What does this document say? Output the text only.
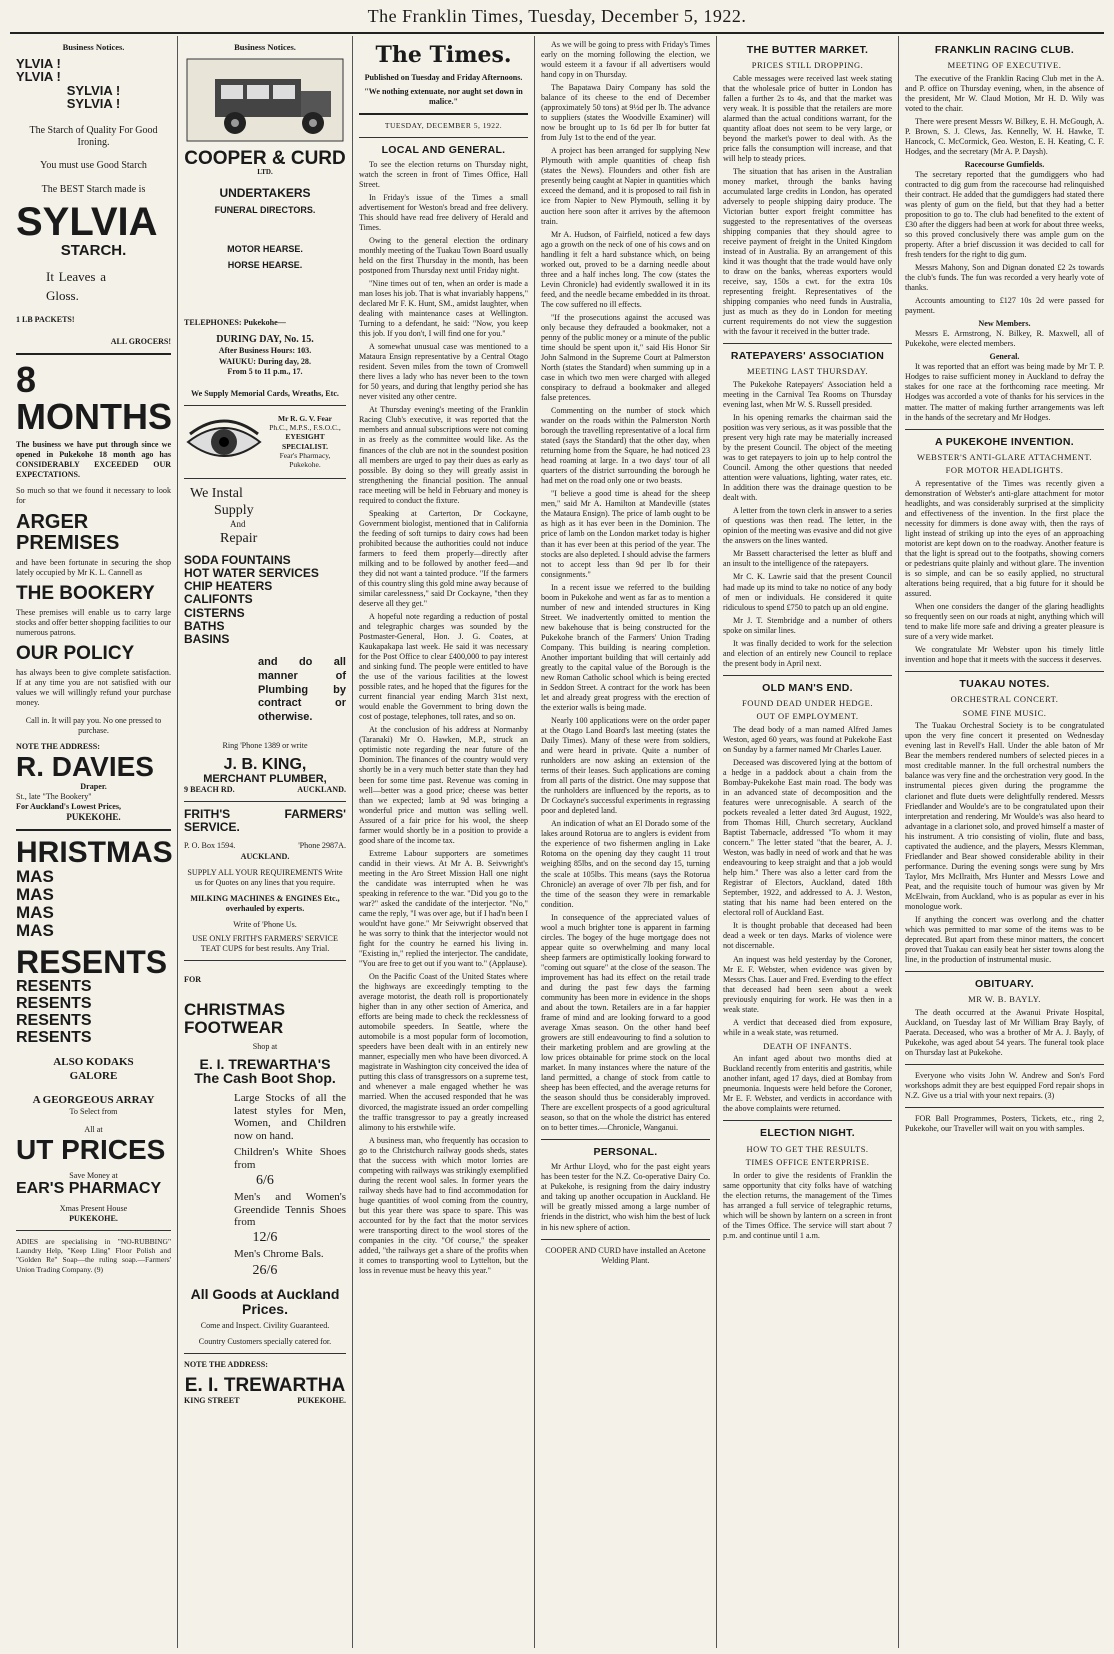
The Franklin Times, Tuesday, December 5, 1922.
Business Notices.
YLVIA !
YLVIA !
SYLVIA !
SYLVIA !
The Starch of Quality For Good Ironing.
You must use Good Starch
The BEST Starch made is
SYLVIA
STARCH.
It Leaves a Gloss.
1 LB PACKETS!
ALL GROCERS!
8 MONTHS
The business we have put through since we opened in Pukekohe 18 month ago has CONSIDERABLY EXCEEDED OUR EXPECTATIONS.
So much so that we found it necessary to look for
ARGER PREMISES
and have been fortunate in securing the shop lately occupied by Mr K. L. Cannell as
THE BOOKERY
These premises will enable us to carry large stocks and offer better shopping facilities to our numerous patrons.
OUR POLICY
has always been to give complete satisfaction. If at any time you are not satisfied with our values we will willingly refund your purchase money.
Call in. It will pay you. No one pressed to purchase.
NOTE THE ADDRESS:
R. DAVIES
Draper.
St., late "The Bookery"
For Auckland's Lowest Prices,
PUKEKOHE.
HRISTMAS
MAS
MAS
MAS
MAS
RESENTS
RESENTS
RESENTS
RESENTS
RESENTS
ALSO KODAKS
GALORE
A GEORGEOUS ARRAY
To Select from
All at
UT PRICES
Save Money at
EAR'S PHARMACY
Xmas Present House
PUKEKOHE.
ADIES are specialising in "NO-RUBBING" Laundry Help, "Keep Lling" Floor Polish and "Golden Re" Soap—the ruling soap.—Farmers' Union Trading Company. (9)
Business Notices.
COOPER & CURD
LTD.
UNDERTAKERS
FUNERAL DIRECTORS.
MOTOR HEARSE.
HORSE HEARSE.
TELEPHONES: Pukekohe—
DURING DAY, No. 15.
After Business Hours: 103.
WAIUKU: During day, 28.
From 5 to 11 p.m., 17.
We Supply Memorial Cards, Wreaths, Etc.
Mr R. G. V. Fear
Ph.C., M.P.S., F.S.O.C.,
EYESIGHT SPECIALIST.
Fear's Pharmacy, Pukekohe.
We Instal
Supply
And
Repair
SODA FOUNTAINS
HOT WATER SERVICES
CHIP HEATERS
CALIFONTS
CISTERNS
BATHS
BASINS
and do all manner of Plumbing by contract or otherwise.
Ring 'Phone 1389 or write
J. B. KING,
MERCHANT PLUMBER,
9 BEACH RD.	AUCKLAND.
FRITH'S FARMERS' SERVICE.
P. O. Box 1594.	'Phone 2987A.
AUCKLAND.
SUPPLY ALL YOUR REQUIREMENTS Write us for Quotes on any lines that you require.
MILKING MACHINES & ENGINES Etc., overhauled by experts.
Write of 'Phone Us.
USE ONLY FRITH'S FARMERS' SERVICE TEAT CUPS for best results. Any Trial.
FOR
CHRISTMAS FOOTWEAR
Shop at
E. I. TREWARTHA'S
The Cash Boot Shop.
Large Stocks of all the latest styles for Men, Women, and Children now on hand.
Children's White Shoes from
6/6
Men's and Women's Greendide Tennis Shoes from
12/6
Men's Chrome Bals.
26/6
All Goods at Auckland Prices.
Come and Inspect. Civility Guaranteed.
Country Customers specially catered for.
NOTE THE ADDRESS:
E. I. TREWARTHA
KING STREET	PUKEKOHE.
The Times.
Published on Tuesday and Friday Afternoons.
"We nothing extenuate, nor aught set down in malice."
TUESDAY, DECEMBER 5, 1922.
LOCAL AND GENERAL.

To see the election returns on Thursday night, watch the screen in front of Times Office, Hall Street.

In Friday's issue of the Times a small advertisement for Weston's bread and free delivery. This should have read free delivery of Herald and Times.

Owing to the general election the ordinary monthly meeting of the Tuakau Town Board usually held on the first Thursday in the month, has been postponed from Thursday next until Friday night.

"Nine times out of ten, when an order is made a man loses his job. That is what invariably happens," declared Mr F. K. Hunt, SM., amidst laughter, when dealing with maintenance cases at Wellington. Turning to a defendant, he said: "Now, you keep this job. If you don't, I will find one for you."

A somewhat unusual case was mentioned to a Mataura Ensign representative by a Central Otago resident. Seven miles from the town of Cromwell there lives a lady who has never been to the town for 50 years, and during that lengthy period she has never visited any other centre.

At Thursday evening's meeting of the Franklin Racing Club's executive, it was reported that the members and annual subscriptions were not coming in as freely as the committee would like. As the finances of the club are not in the soundest position all members are urged to pay their dues as early as possible. By doing so they will greatly assist in strengthening the financial position. The annual race meeting will be held in February and money is required to conduct the fixture.

Speaking at Carterton, Dr Cockayne, Government biologist, mentioned that in California the feeding of soft turnips to dairy cows had been prohibited because the authorities could not induce farmers to feed them properly—directly after milking and to be followed by another feed—and they did not want a tainted produce. "If the farmers of this country sling this gold mine away because of similar carelessness," said Dr Cockayne, "then they deserve all they get."

A hopeful note regarding a reduction of postal and telegraphic charges was sounded by the Postmaster-General, Hon. J. G. Coates, at Kaukapakapa last week. He said it was necessary for the Post Office to clear £400,000 to pay interest and sinking fund. The people were entitled to have the use of the various facilities at the lowest possible rates, and he hoped that the figures for the current financial year ending March 31st next, would enable the Government to bring down the cost of postage, telephones, toll rates, and so on.

At the conclusion of his address at Normanby (Taranaki) Mr O. Hawken, M.P., struck an optimistic note regarding the near future of the Dominion. The finances of the country would very shortly be in a very much better state than they had been for some time past. Revenue was coming in well—better was a good price; cheese was better than we expected; lamb at 9d was bringing a wonderful price and mutton was selling well. Assured of a fair price for his wool, the sheep farmer would shortly be in a position to provide a good share of the income tax.

Extreme Labour supporters are sometimes candid in their views. At Mr A. B. Seivwright's meeting in the Aro Street Mission Hall one night the candidate was interrupted when he was speaking in reference to the war. "Did you go to the war?" asked the candidate of the interjector. "No," came the reply, "I was over age, but if I had'n been I would'nt have gone." Mr Seivwright observed that he was sorry to think that the interjector would not fight for the country he earned his living in. "Existing in," replied the interjector. The candidate, "You are free to get out if you want to." (Applause).

On the Pacific Coast of the United States where the highways are exceedingly tempting to the average motorist, the death roll is proportionately higher than in any other section of America, and efforts are being made to check the recklessness of automobile speeders. In Seattle, where the automobile is a most popular form of locomotion, speeders have been dealt with in an entirely new manner, especially men who have been divorced. A magistrate in Washington city conceived the idea of putting this class of transgressors on a supreme test, and whenever a male engaged whether he was married. When the accused responded that he was divorced, the magistrate issued an order compelling the traffic transgressor to pay a greatly increased alimony to his erstwhile wife.

A business man, who frequently has occasion to go to the Christchurch railway goods sheds, states that the success with which motor lorries are competing with railways was strikingly exemplified during the recent wool sales. In former years the railway sheds have had to find accommodation for huge quantities of wool coming from the country, but this year there was space to spare. This was accounted for by the fact that the motor services were transporting direct to the wool stores of the companies in the city. "Of course," the speaker added, "the railways get a share of the profits when it comes to transporting wool to Lyttelton, but the loss in revenue must be heavy this year."

As we will be going to press with Friday's Times early on the morning following the election, we would esteem it a favour if all advertisers would hand copy in on Thursday.

The Bapatawa Dairy Company has sold the balance of its cheese to the end of December (approximately 50 tons) at 9½d per lb. The advance to suppliers (states the Woodville Examiner) will now be brought up to 1s 6d per lb for butter fat from July 1st to the end of the year.

A project has been arranged for supplying New Plymouth with ample quantities of cheap fish (states the News). Flounders and other fish are presently being caught at Napier in quantities which exceed the demand, and it is proposed to rail fish in ice from Napier to New Plymouth, selling it by auction here soon after it arrives by the afternoon train.

Mr A. Hudson, of Fairfield, noticed a few days ago a growth on the neck of one of his cows and on handling it felt a hard substance which, on being worked out, proved to be a darning needle about three and a half inches long. The cow (states the Levin Chronicle) had evidently swallowed it in its feed, and the needle became embedded in its throat. The cow suffered no ill effects.

"If the prosecutions against the accused was only because they defrauded a bookmaker, not a penny of the public money or a minute of the public time should be spent upon it," said His Honor Sir John Salmond in the Supreme Court at Palmerston North (states the Standard) when summing up in a case in which two men were charged with alleged conspiracy to defraud a bookmaker and alleged false pretences.

Commenting on the number of stock which wander on the roads within the Palmerston North borough the travelling representative of a local firm stated (says the Standard) that the other day, when returning home from the Square, he had noticed 23 head roaming at large. In a two days' tour of all quarters of the district surrounding the borough he had met on the road only one or two beasts.

"I believe a good time is ahead for the sheep men," said Mr A. Hamilton at Mandeville (states the Mataura Ensign). The price of lamb ought to be as high as it has ever been in the Dominion. The price of lamb on the London market today is higher than it has ever been at this period of the year. The stocks are also depleted. I should advise the farmers not to accept less than 9d per lb for their consignments."

In a recent issue we referred to the building boom in Pukekohe and went as far as to mention a number of new and intended structures in King Street. We inadvertently omitted to mention the new bakehouse that is being constructed for the Pukekohe branch of the Farmers' Union Trading Company. This building is nearing completion. Another important building that will certainly add greatly to the capital value of the Borough is the new Roman Catholic school which is being erected in Seddon Street. A contract for the work has been let and already great progress with the erection of the exterior walls is being made.

Nearly 100 applications were on the order paper at the Otago Land Board's last meeting (states the Daily Times). Many of these were from soldiers, and were heard in private. Quite a number of runholders are now asking an extension of the terms of their leases. Such applications are coming from all parts of the district. One may suppose that the runholders are influenced by the reports, as to Dr Cockayne's successful experiments in regrassing poor and depleted land.

An indication of what an El Dorado some of the lakes around Rotorua are to anglers is evident from the experience of two fishermen angling in Lake Rotoma on the opening day they caught 11 trout weighing 85lbs, and on the second day 15, turning the scale at 105lbs. This means (says the Rotorua Chronicle) an average of over 7lb per fish, and for the time of the season they were in remarkable condition.

In consequence of the appreciated values of wool a much brighter tone is apparent in farming circles. The bogey of the huge mortgage does not appear quite so overwhelming and many local sheep farmers are optimistically looking forward to "coming out square" at the close of the season. The improvement has had its effect on the retail trade and during the past few days the farming community has been more in evidence in the shops and about the town. Retailers are in a far happier frame of mind and are looking forward to a good average Xmas season. On the other hand beef growers are still endeavouring to find a solution to their marketing problem and are growling at the low prices obtainable for prime stock on the local market. In many instances where the nature of the land permitted, a change of stock from cattle to sheep has been effected, and the average returns for the season should thus be considerably improved. There are excellent prospects of a good agricultural season, so that on the whole the district has entered on to better times.—Chronicle, Wanganui.

PERSONAL.

Mr Arthur Lloyd, who for the past eight years has been tester for the N.Z. Co-operative Dairy Co. at Pukekohe, is resigning from the dairy industry and taking up another occupation in Auckland. He will be greatly missed among a large number of friends in the district, who wish him the best of luck in his new sphere of action.

COOPER AND CURD have installed an Acetone Welding Plant.
THE BUTTER MARKET.
PRICES STILL DROPPING.

Cable messages were received last week stating that the wholesale price of butter in London has fallen a further 2s to 4s, and that the market was very weak. It is possible that the retailers are more alarmed than the actual conditions warrant, for the quantity afloat does not seem to be very large, or beyond the market's power to deal with. As the price falls the consumption will increase, and that will help to steady prices.

The situation that has arisen in the Australian money market, through the banks having accumulated large credits in London, has operated adversely to people shipping dairy produce. The Victorian butter export freight committee has suggested to the representatives of the overseas shipping companies that they should agree to receive payment of freight in the United Kingdom instead of in Australia. By an arrangement of this kind it was thought that the trade would have only to draw on the banks, whereas exporters would receive, say, 150s a cwt. for the extra 10s representing freight. Representatives of the shipping companies who need funds in Australia, just as much as they do in London for meeting current requirements do not view the suggestion with the favour it received in the butter trade.

RATEPAYERS' ASSOCIATION
MEETING LAST THURSDAY.

The Pukekohe Ratepayers' Association held a meeting in the Carnival Tea Rooms on Thursday evening last, when Mr W. S. Russell presided.

In his opening remarks the chairman said the position was very serious, as it was possible that the present very high rate may be materially increased by the present Council. The object of the meeting was to get ratepayers to join up to help control the Council. Among the other questions that needed attention were valuations, lighting, water rates, etc. In addition there was the drainage question to be dealt with.

A letter from the town clerk in answer to a series of questions was then read. The letter, in the opinion of the meeting was evasive and did not give the answers on the lines wanted.

Mr Bassett characterised the letter as bluff and an insult to the intelligence of the ratepayers.

Mr C. K. Lawrie said that the present Council had made up its mind to take no notice of any body of men or individuals. He considered it quite ridiculous to spend £750 to patch up an old engine.

Mr J. T. Stembridge and a number of others spoke on similar lines.

It was finally decided to work for the selection and election of an entirely new Council to replace the present body in April next.

OLD MAN'S END.
FOUND DEAD UNDER HEDGE.
OUT OF EMPLOYMENT.

The dead body of a man named Alfred James Weston, aged 60 years, was found at Pukekohe East on Sunday by a farmer named Mr Charles Lauer.

Deceased was discovered lying at the bottom of a hedge in a paddock about a chain from the Bombay-Pukekohe East main road. The body was in an advanced state of decomposition and the features were unrecognisable. A search of the pockets revealed a letter dated 3rd August, 1922, from Thomas Hill, Church secretary, Auckland Baptist Tabernacle, addressed "To whom it may concern." The letter stated "that the bearer, A. J. Weston, was badly in need of work and that he was endeavouring to keep straight and that a job would help him." There was also a letter card from the Registrar of Electors, Auckland, dated 18th September, 1922, and addressed to A. J. Weston, stating that his name had been entered on the electoral roll of Auckland East.

It is thought probable that deceased had been dead a week or ten days. Marks of violence were not discernable.

An inquest was held yesterday by the Coroner, Mr E. F. Webster, when evidence was given by Messrs Chas. Lauer and Fred. Everding to the effect that deceased had been seen about a week previously enquiring for work. He was then in a weak state.

A verdict that deceased died from exposure, while in a weak state, was returned.

DEATH OF INFANTS.

An infant aged about two months died at Buckland recently from enteritis and gastritis, while another infant, aged 17 days, died at Bombay from pneumonia. Inquests were held before the Coroner, Mr E. F. Webster, and verdicts in accordance with the above complaints were returned.

ELECTION NIGHT.
HOW TO GET THE RESULTS.
TIMES OFFICE ENTERPRISE.

In order to give the residents of Franklin the same opportunity that city folks have of watching the election returns, the management of the Times has arranged a full service of telegraphic returns, which will be shown by lantern on a screen in front of the Times Office. The service will start about 7 p.m. and continue until 1 a.m.

FRANKLIN RACING CLUB.
MEETING OF EXECUTIVE.

The executive of the Franklin Racing Club met in the A. and P. office on Thursday evening, when, in the absence of the president, Mr W. Claud Motion, Mr H. D. Wily was voted to the chair.

There were present Messrs W. Bilkey, E. H. McGough, A. P. Brown, S. J. Clews, Jas. Kennelly, W. H. Hawke, T. Hancock, C. McCormick, Geo. Weston, E. H. Keating, C. F. Hodges, and the secretary (Mr A. P. Daysh).

Racecourse Gumfields.

The secretary reported that the gumdiggers who had contracted to dig gum from the racecourse had relinquished their contract. He added that the gumdiggers had stated there was plenty of gum on the field, but that they had a better proposition to go to. The club had benefited to the extent of £30 after the diggers had been at work for about three weeks, so this proved conclusively there was ample gum on the property. After a brief discussion it was decided to call for fresh tenders for the right to dig gum.

Messrs Mahony, Son and Dignan donated £2 2s towards the club's funds. The fun was recorded a very hearly vote of thanks.

Accounts amounting to £127 10s 2d were passed for payment.

New Members.

Messrs E. Armstrong, N. Bilkey, R. Maxwell, all of Pukekohe, were elected members.

General.

It was reported that an effort was being made by Mr T. P. Hodges to raise sufficient money in Auckland to defray the stakes for one race at the forthcoming race meeting. Mr Hodges was accorded a vote of thanks for his services in the matter. The matter of making further arrangements was left in the hands of the secretary and Mr Hodges.

A PUKEKOHE INVENTION.
WEBSTER'S ANTI-GLARE ATTACHMENT.
FOR MOTOR HEADLIGHTS.

A representative of the Times was recently given a demonstration of Webster's anti-glare attachment for motor headlights, and was considerably surprised at the simplicity and effectiveness of the invention. In the first place the necessity for dimmers is done away with, then the rays of light instead of striking up into the eyes of an approaching motorist are kept down on to the roadway. Another feature is that the light is spread out to the footpaths, showing corners or pedestrians quite plainly and without glare. The invention is so simple, and can be so easily applied, no structural alterations being required, that a big future for it should be assured.

When one considers the danger of the glaring headlights so frequently seen on our roads at night, anything which will tend to make life more safe and driving a greater pleasure is sure of a very wide market.

We congratulate Mr Webster upon his timely little invention and hope that it meets with the success it deserves.

TUAKAU NOTES.
ORCHESTRAL CONCERT.
SOME FINE MUSIC.

The Tuakau Orchestral Society is to be congratulated upon the very fine concert it presented on Wednesday evening last in Revell's Hall. Under the able baton of Mr Bear the members rendered numbers of selected pieces in a most creditable manner. In the full orchestral numbers the balance was very fine and the orchestration very good. In the instrumental pieces given during the programme the clarionet and flute duets were delightfully rendered. Messrs Friedlander and Woulde's are to be congratulated upon their interpretation and rendering. Mr Woulde's was also heard to advantage in a clarionet solo, and proved himself a master of his instrument. A trio consisting of violin, flute and bass, captivated the audience, and the players, Messrs Klemman, Friedlander and Bear showed considerable ability in their performance. During the evening songs were sung by Mrs Taylor, Mrs McIlraith, Mrs Hunter and Messrs Lowe and Peat, and the requisite touch of humour was given by Mr McElwain, from Auckland, who is as popular as ever in his monologue work.

If anything the concert was overlong and the chatter which was permitted to mar some of the items was to be deprecated. But apart from these minor matters, the concert proved that Tuakau can easily beat her sister towns along the line, in the production of instrumental music.

OBITUARY.
MR W. B. BAYLY.

The death occurred at the Awanui Private Hospital, Auckland, on Tuesday last of Mr William Bray Bayly, of Paerata. Deceased, who was a brother of Mr A. J. Bayly, of Pukekohe, was aged about 54 years. The funeral took place on Thursday last at Pukekohe.

Everyone who visits John W. Andrew and Son's Ford workshops admit they are best equipped Ford repair shops in N.Z. Give us a trial with your next repairs. (3)

FOR Ball Programmes, Posters, Tickets, etc., ring 2, Pukekohe, our Traveller will wait on you with samples.
